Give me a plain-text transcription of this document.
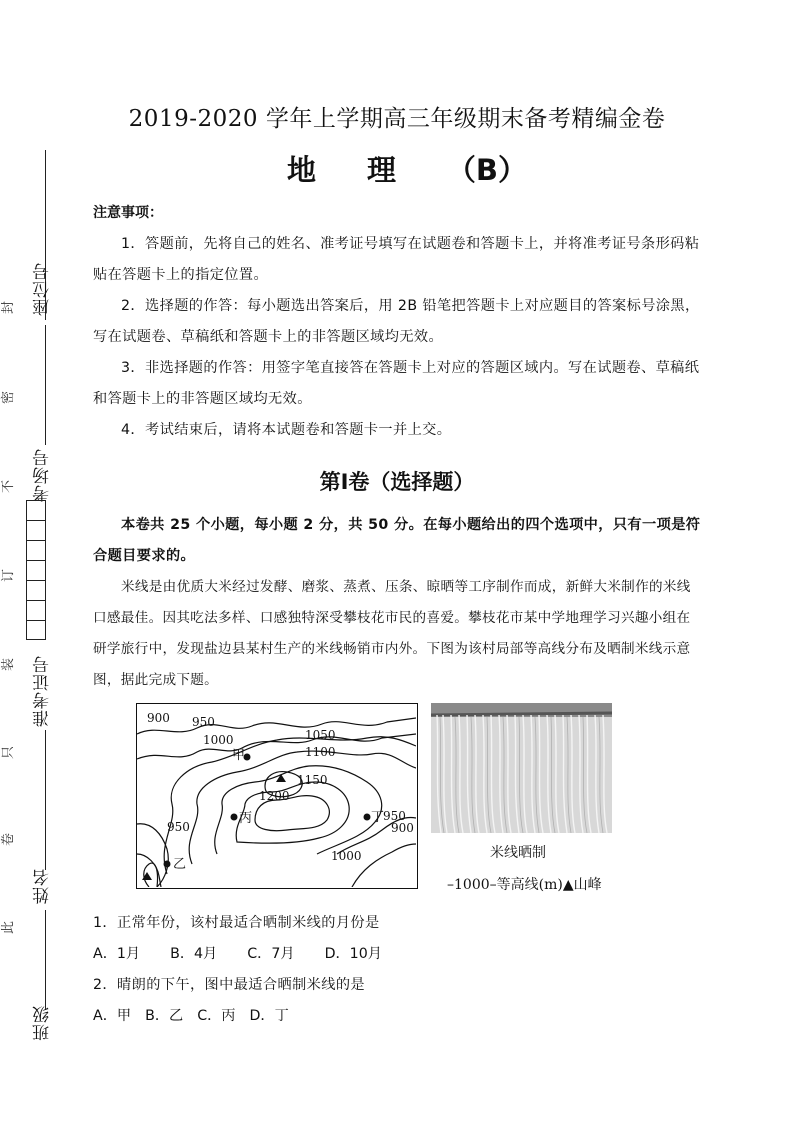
座位号
考场号
准考证号
姓名
班级
封
密
不
订
装
只
卷
此
2019-2020 学年上学期高三年级期末备考精编金卷
地 理 （B）
注意事项：
1．答题前，先将自己的姓名、准考证号填写在试题卷和答题卡上，并将准考证号条形码粘贴在答题卡上的指定位置。
2．选择题的作答：每小题选出答案后，用 2B 铅笔把答题卡上对应题目的答案标号涂黑，写在试题卷、草稿纸和答题卡上的非答题区域均无效。
3．非选择题的作答：用签字笔直接答在答题卡上对应的答题区域内。写在试题卷、草稿纸和答题卡上的非答题区域均无效。
4．考试结束后，请将本试题卷和答题卡一并上交。
第Ⅰ卷（选择题）
本卷共 25 个小题，每小题 2 分，共 50 分。在每小题给出的四个选项中，只有一项是符合题目要求的。
米线是由优质大米经过发酵、磨浆、蒸煮、压条、晾晒等工序制作而成，新鲜大米制作的米线口感最佳。因其吃法多样、口感独特深受攀枝花市民的喜爱。攀枝花市某中学地理学习兴趣小组在研学旅行中，发现盐边县某村生产的米线畅销市内外。下图为该村局部等高线分布及晒制米线示意图，据此完成下题。
900 950
1000	1050
1100
1150
1200
950
900
1000
950
甲
乙
丙	丁
米线晒制
–1000–等高线(m)▲山峰
1．正常年份，该村最适合晒制米线的月份是
A．1月 B．4月 C．7月 D．10月
2．晴朗的下午，图中最适合晒制米线的是
A．甲 B．乙 C．丙 D．丁
